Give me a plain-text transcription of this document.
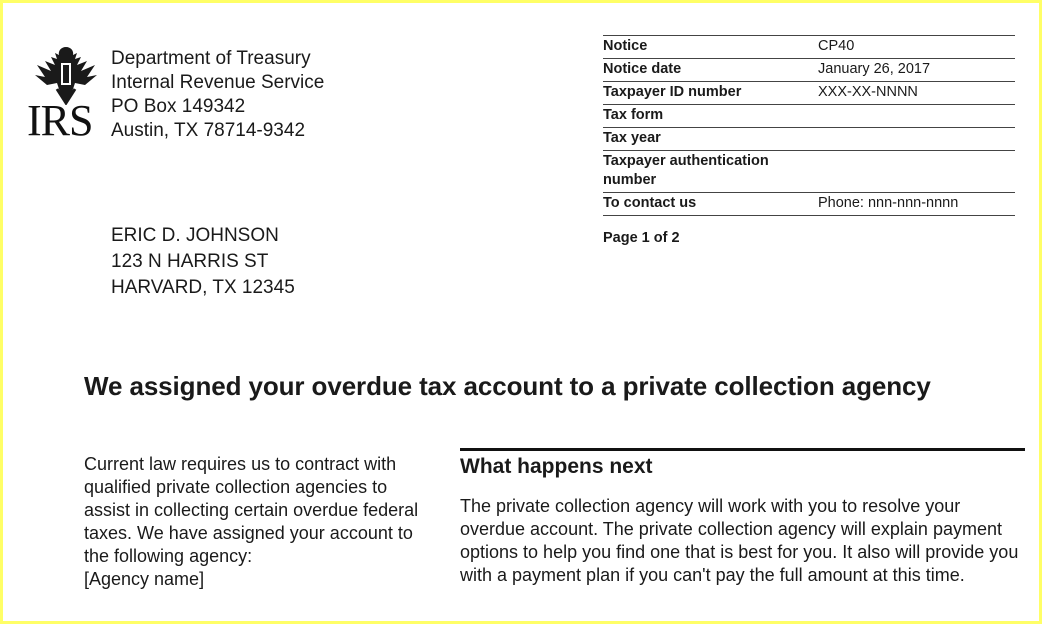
IRS
Department of Treasury
Internal Revenue Service
PO Box 149342
Austin, TX 78714-9342
Notice	CP40
Notice date	January 26, 2017
Taxpayer ID number	XXX-XX-NNNN
Tax form	
Tax year	
Taxpayer authentication number	
To contact us	Phone: nnn-nnn-nnnn
Page 1 of 2
ERIC D. JOHNSON
123 N HARRIS ST
HARVARD, TX 12345
We assigned your overdue tax account to a private collection agency

Current law requires us to contract with qualified private collection agencies to assist in collecting certain overdue federal taxes. We have assigned your account to the following agency:

[Agency name]

What happens next

The private collection agency will work with you to resolve your overdue account. The private collection agency will explain payment options to help you find one that is best for you. It also will provide you with a payment plan if you can't pay the full amount at this time.
